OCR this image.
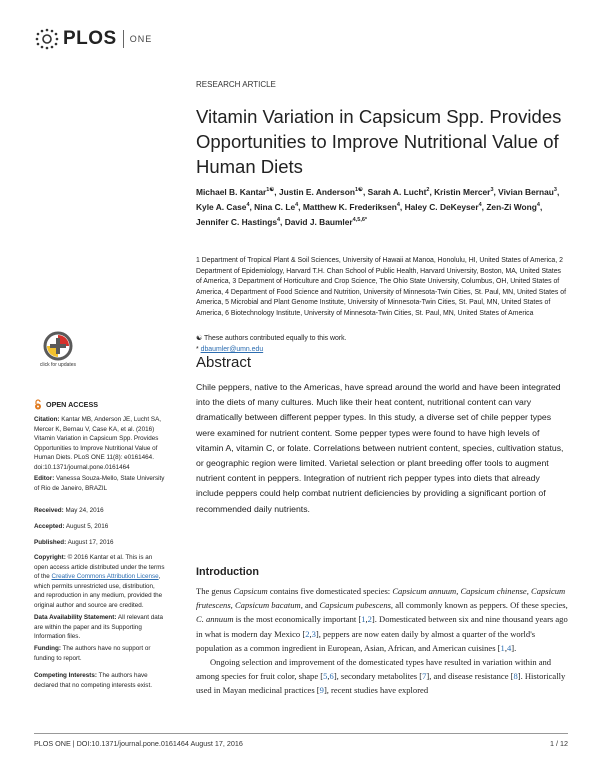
PLOS ONE
RESEARCH ARTICLE
Vitamin Variation in Capsicum Spp. Provides Opportunities to Improve Nutritional Value of Human Diets
Michael B. Kantar$^{1☯}$, Justin E. Anderson$^{1☯}$, Sarah A. Lucht$^2$, Kristin Mercer$^3$, Vivian Bernau$^3$, Kyle A. Case$^4$, Nina C. Le$^4$, Matthew K. Frederiksen$^4$, Haley C. DeKeyser$^4$, Zen-Zi Wong$^4$, Jennifer C. Hastings$^4$, David J. Baumler$^{4,5,6*}$
1 Department of Tropical Plant & Soil Sciences, University of Hawaii at Manoa, Honolulu, HI, United States of America, 2 Department of Epidemiology, Harvard T.H. Chan School of Public Health, Harvard University, Boston, MA, United States of America, 3 Department of Horticulture and Crop Science, The Ohio State University, Columbus, OH, United States of America, 4 Department of Food Science and Nutrition, University of Minnesota-Twin Cities, St. Paul, MN, United States of America, 5 Microbial and Plant Genome Institute, University of Minnesota-Twin Cities, St. Paul, MN, United States of America, 6 Biotechnology Institute, University of Minnesota-Twin Cities, St. Paul, MN, United States of America
☯ These authors contributed equally to this work.
* dbaumler@umn.edu
click for updates
OPEN ACCESS
Citation: Kantar MB, Anderson JE, Lucht SA, Mercer K, Bernau V, Case KA, et al. (2016) Vitamin Variation in Capsicum Spp. Provides Opportunities to Improve Nutritional Value of Human Diets. PLoS ONE 11(8): e0161464. doi:10.1371/journal.pone.0161464
Editor: Vanessa Souza-Mello, State University of Rio de Janeiro, BRAZIL
Received: May 24, 2016
Accepted: August 5, 2016
Published: August 17, 2016
Copyright: © 2016 Kantar et al. This is an open access article distributed under the terms of the Creative Commons Attribution License, which permits unrestricted use, distribution, and reproduction in any medium, provided the original author and source are credited.
Data Availability Statement: All relevant data are within the paper and its Supporting Information files.
Funding: The authors have no support or funding to report.
Competing Interests: The authors have declared that no competing interests exist.
Abstract
Chile peppers, native to the Americas, have spread around the world and have been integrated into the diets of many cultures. Much like their heat content, nutritional content can vary dramatically between different pepper types. In this study, a diverse set of chile pepper types were examined for nutrient content. Some pepper types were found to have high levels of vitamin A, vitamin C, or folate. Correlations between nutrient content, species, cultivation status, or geographic region were limited. Varietal selection or plant breeding offer tools to augment nutrient content in peppers. Integration of nutrient rich pepper types into diets that already include peppers could help combat nutrient deficiencies by providing a significant portion of recommended daily nutrients.
Introduction

The genus Capsicum contains five domesticated species: Capsicum annuum, Capsicum chinense, Capsicum frutescens, Capsicum bacatum, and Capsicum pubescens, all commonly known as peppers. Of these species, C. annuum is the most economically important [1,2]. Domesticated between six and nine thousand years ago in what is modern day Mexico [2,3], peppers are now eaten daily by almost a quarter of the world's population as a common ingredient in European, Asian, African, and American cuisines [1,4].

Ongoing selection and improvement of the domesticated types have resulted in variation within and among species for fruit color, shape [5,6], secondary metabolites [7], and disease resistance [8]. Historically used in Mayan medicinal practices [9], recent studies have explored

PLOS ONE | DOI:10.1371/journal.pone.0161464 August 17, 2016	1 / 12
